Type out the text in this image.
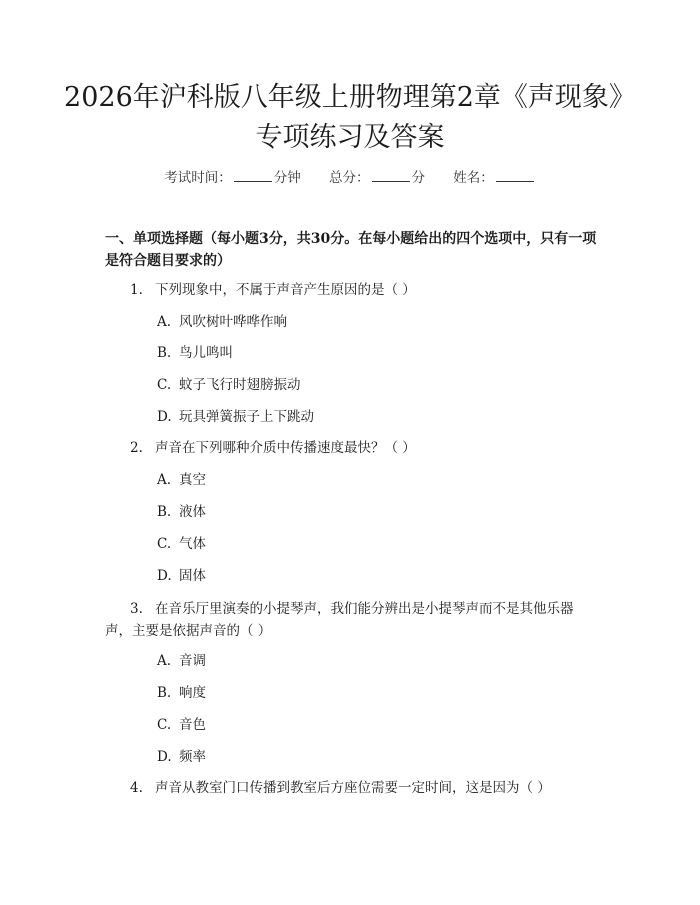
2026年沪科版八年级上册物理第2章《声现象》专项练习及答案
考试时间：	分钟 总分：	分 姓名：
一、单项选择题（每小题3分，共30分。在每小题给出的四个选项中，只有一项是符合题目要求的）
1. 下列现象中，不属于声音产生原因的是（ ）
A. 风吹树叶哗哗作响
B. 鸟儿鸣叫
C. 蚊子飞行时翅膀振动
D. 玩具弹簧振子上下跳动
2. 声音在下列哪种介质中传播速度最快？（ ）
A. 真空
B. 液体
C. 气体
D. 固体
3. 在音乐厅里演奏的小提琴声，我们能分辨出是小提琴声而不是其他乐器声，主要是依据声音的（ ）
A. 音调
B. 响度
C. 音色
D. 频率
4. 声音从教室门口传播到教室后方座位需要一定时间，这是因为（ ）
